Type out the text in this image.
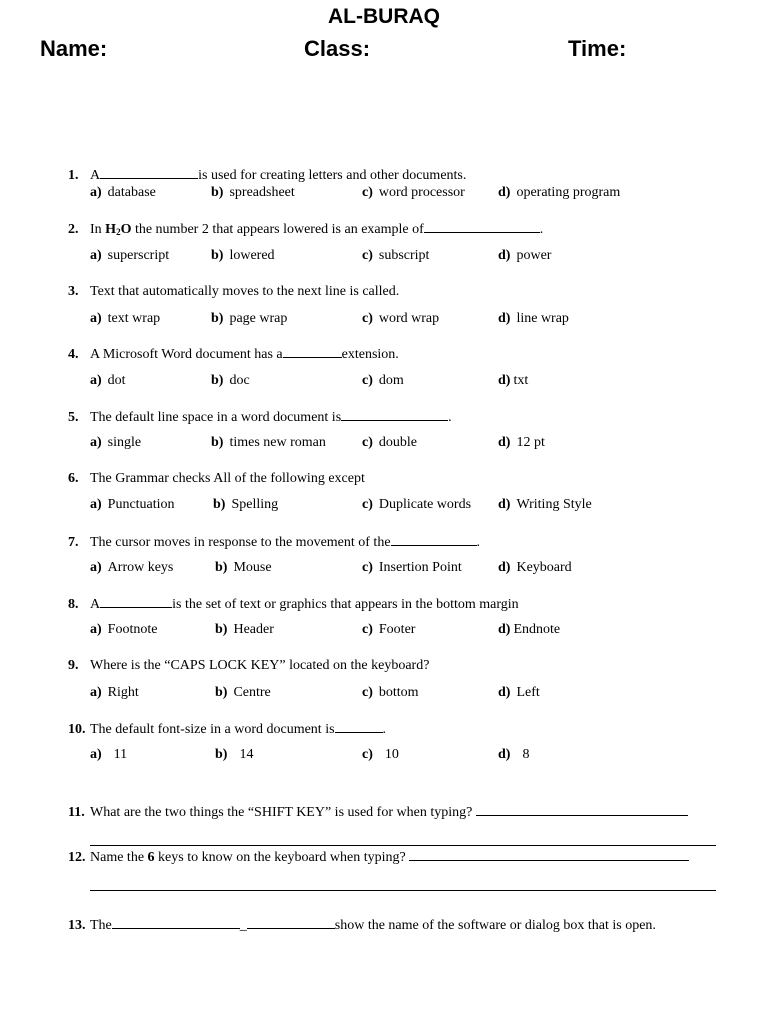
AL-BURAQ
Name:	Class:	Time:
1. A	is used for creating letters and other documents.
a) database	b) spreadsheet	c) word processor d) operating program
2. In $H_2O$ the number 2 that appears lowered is an example of	.
a) superscript	b) lowered	c) subscript	d) power
3. Text that automatically moves to the next line is called.
a) text wrap	b) page wrap	c) word wrap	d) line wrap
4. A Microsoft Word document has a	extension.
a) dot	b) doc	c) dom	d) txt
5. The default line space in a word document is	.
a) single	b) times new roman	c) double	d) 12 pt
6. The Grammar checks All of the following except
a) Punctuation	b) Spelling	c) Duplicate words d) Writing Style
7. The cursor moves in response to the movement of the	.
a) Arrow keys	b) Mouse	c) Insertion Point	d) Keyboard
8. A	is the set of text or graphics that appears in the bottom margin
a) Footnote	b) Header	c) Footer	d) Endnote
9. Where is the “CAPS LOCK KEY” located on the keyboard?
a) Right	b) Centre	c) bottom	d) Left
10. The default font-size in a word document is	.
a) 11	b) 14	c) 10	d) 8
11. What are the two things the “SHIFT KEY” is used for when typing?
12. Name the 6 keys to know on the keyboard when typing?
13. The	_	show the name of the software or dialog box that is open.
